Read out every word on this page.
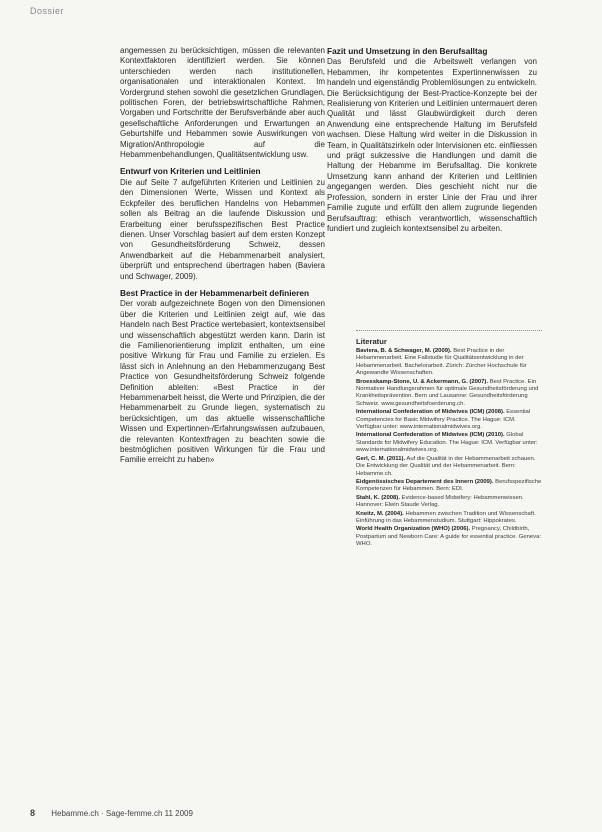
Dossier

angemessen zu berücksichtigen, müssen die relevanten Kontextfaktoren identifiziert werden. Sie können unterschieden werden nach institutionellen, organisationalen und interaktionalen Kontext. Im Vordergrund stehen sowohl die gesetzlichen Grundlagen, politischen Foren, der betriebswirtschaftliche Rahmen, Vorgaben und Fortschritte der Berufsverbände aber auch gesellschaftliche Anforderungen und Erwartungen an Geburtshilfe und Hebammen sowie Auswirkungen von Migration/Anthropologie auf die Hebammenbehandlungen, Qualitätsentwicklung usw.

Entwurf von Kriterien und Leitlinien

Die auf Seite 7 aufgeführten Kriterien und Leitlinien zu den Dimensionen Werte, Wissen und Kontext als Eckpfeiler des beruflichen Handelns von Hebammen sollen als Beitrag an die laufende Diskussion und Erarbeitung einer berufsspezifischen Best Practice dienen. Unser Vorschlag basiert auf dem ersten Konzept von Gesundheitsförderung Schweiz, dessen Anwendbarkeit auf die Hebammenarbeit analysiert, überprüft und entsprechend übertragen haben (Baviera und Schwager, 2009).

Best Practice in der Hebammenarbeit definieren

Der vorab aufgezeichnete Bogen von den Dimensionen über die Kriterien und Leitlinien zeigt auf, wie das Handeln nach Best Practice wertebasiert, kontextsensibel und wissenschaftlich abgestützt werden kann. Darin ist die Familienorientierung implizit enthalten, um eine positive Wirkung für Frau und Familie zu erzielen. Es lässt sich in Anlehnung an den Hebammenzugang Best Practice von Gesundheitsförderung Schweiz folgende Definition ableiten: «Best Practice in der Hebammenarbeit heisst, die Werte und Prinzipien, die der Hebammenarbeit zu Grunde liegen, systematisch zu berücksichtigen, um das aktuelle wissenschaftliche Wissen und Expertinnen-/Erfahrungswissen aufzubauen, die relevanten Kontextfragen zu beachten sowie die bestmöglichen positiven Wirkungen für die Frau und Familie erreicht zu haben»

Fazit und Umsetzung in den Berufsalltag

Das Berufsfeld und die Arbeitswelt verlangen von Hebammen, ihr kompetentes Expertinnenwissen zu handeln und eigenständig Problemlösungen zu entwickeln. Die Berücksichtigung der Best-Practice-Konzepte bei der Realisierung von Kriterien und Leitlinien untermauert deren Qualität und lässt Glaubwürdigkeit durch deren Anwendung eine entsprechende Haltung im Berufsfeld wachsen. Diese Haltung wird weiter in die Diskussion in Team, in Qualitätszirkeln oder Intervisionen etc. einfliessen und prägt sukzessive die Handlungen und damit die Haltung der Hebamme im Berufsalltag. Die konkrete Umsetzung kann anhand der Kriterien und Leitlinien angegangen werden. Dies geschieht nicht nur die Profession, sondern in erster Linie der Frau und ihrer Familie zugute und erfüllt den allem zugrunde liegenden Berufsauftrag: ethisch verantwortlich, wissenschaftlich fundiert und zugleich kontextsensibel zu arbeiten.

Literatur
Baviera, B. & Schwager, M. (2009). Best Practice in der Hebammenarbeit. Eine Fallstudie für Qualitätsentwicklung in der Hebammenarbeit. Bachelorarbeit. Zürich: Zürcher Hochschule für Angewandte Wissenschaften.
Broesskamp-Stone, U. & Ackermann, G. (2007). Best Practice. Ein Normativer Handlungsrahmen für optimale Gesundheitsförderung und Krankheitsprävention. Bern und Lausanne: Gesundheitsförderung Schweiz. www.gesundheitsfoerderung.ch.
International Confederation of Midwives (ICM) (2008). Essential Competencies for Basic Midwifery Practice. The Hague: ICM. Verfügbar unter: www.internationalmidwives.org.
International Confederation of Midwives (ICM) (2010). Global Standards for Midwifery Education. The Hague: ICM. Verfügbar unter: www.internationalmidwives.org.
Gerl, C. M. (2011). Auf die Qualität in der Hebammenarbeit schauen. Die Entwicklung der Qualität und der Hebammenarbeit. Bern: Hebamme.ch.
Eidgenössisches Departement des Innern (2009). Berufsspezifische Kompetenzen für Hebammen. Bern: EDI.
Stahl, K. (2008). Evidence-based Midwifery: Hebammenwissen. Hannover: Elwin Staude Verlag.
Kneitz, M. (2004). Hebammen zwischen Tradition und Wissenschaft. Einführung in das Hebammenstudium. Stuttgart: Hippokrates.
World Health Organization (WHO) (2006). Pregnancy, Childbirth, Postpartum and Newborn Care: A guide for essential practice. Geneva: WHO.
8 Hebamme.ch · Sage-femme.ch 11 2009
